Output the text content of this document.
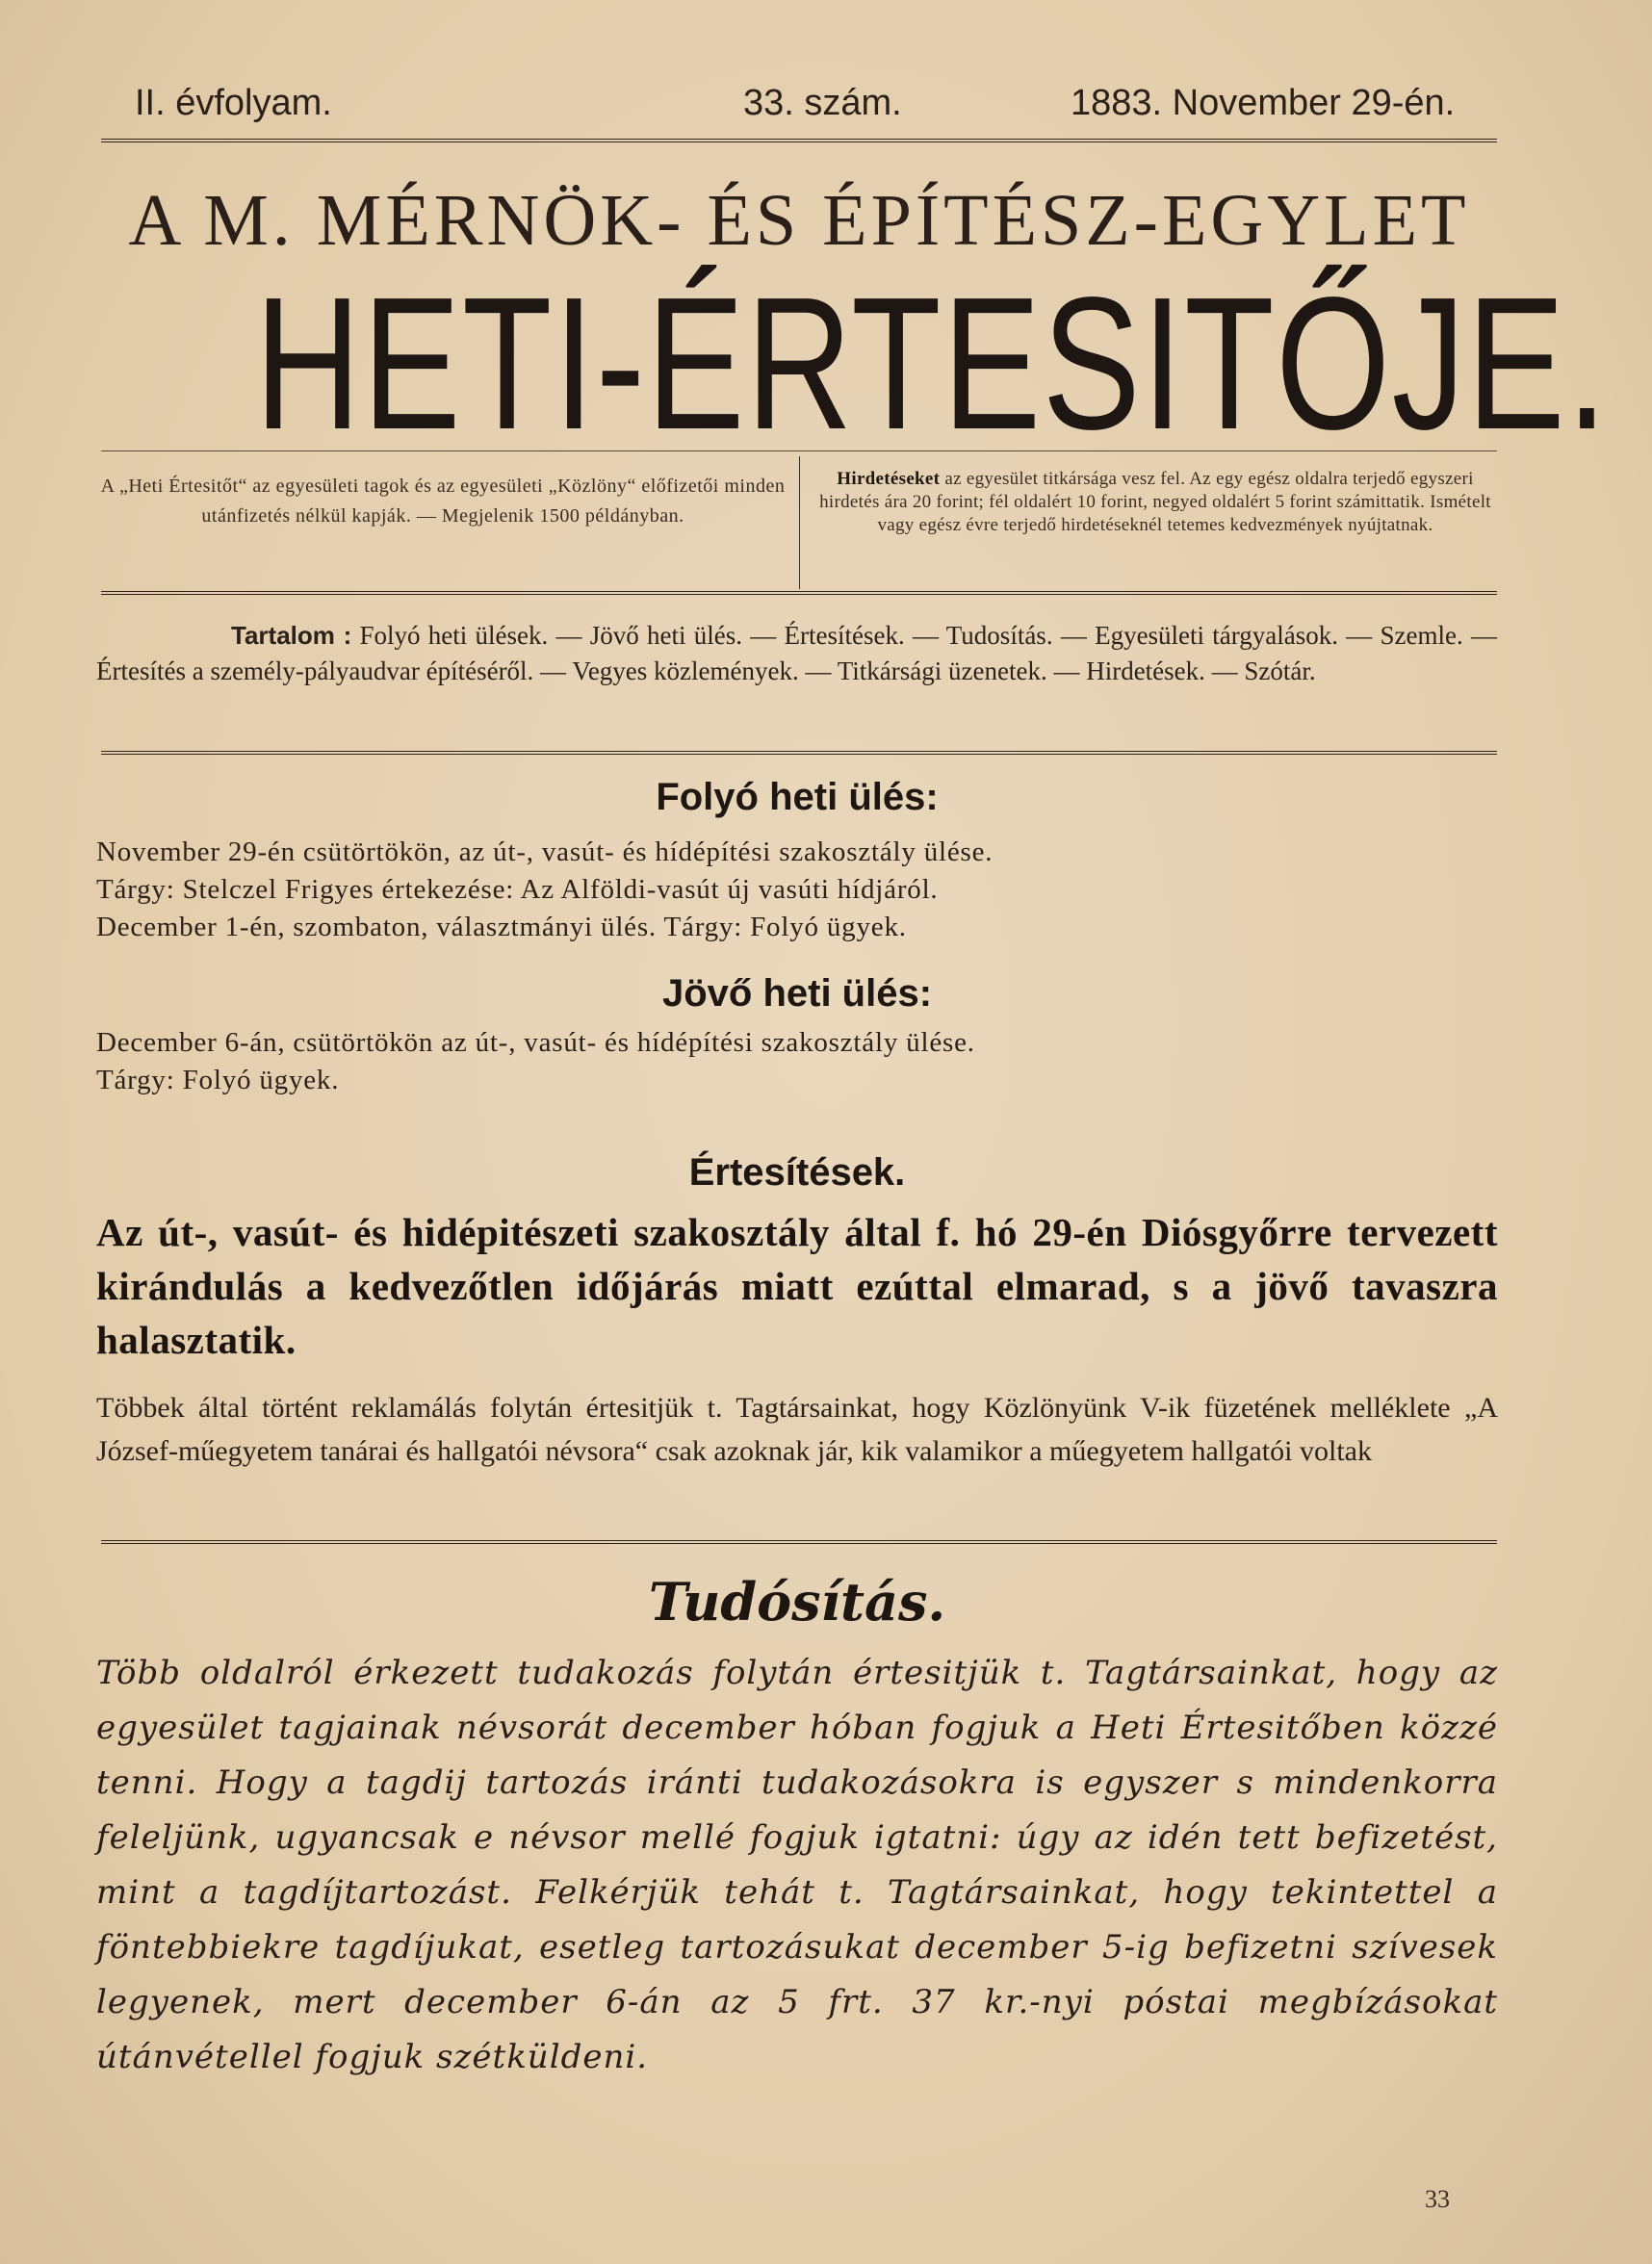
II. évfolyam.	33. szám.	1883. November 29-én.
A M. MÉRNÖK- ÉS ÉPÍTÉSZ-EGYLET
HETI-ÉRTESITŐJE.
A „Heti Értesitőt“ az egyesületi tagok és az egyesületi „Közlöny“ előfizetői minden utánfizetés nélkül kapják. — Megjelenik 1500 példányban.
Hirdetéseket az egyesület titkársága vesz fel. Az egy egész oldalra terjedő egyszeri hirdetés ára 20 forint; fél oldalért 10 forint, negyed oldalért 5 forint számittatik. Ismételt vagy egész évre terjedő hirdetéseknél tetemes kedvezmények nyújtatnak.
Tartalom : Folyó heti ülések. — Jövő heti ülés. — Értesítések. — Tudosítás. — Egyesületi tárgyalások. — Szemle. — Értesítés a személy-pályaudvar építéséről. — Vegyes közlemények. — Titkársági üzenetek. — Hirdetések. — Szótár.
Folyó heti ülés:

November 29-én csütörtökön, az út-, vasút- és hídépítési szakosztály ülése.

Tárgy: Stelczel Frigyes értekezése: Az Alföldi-vasút új vasúti hídjáról.

December 1-én, szombaton, választmányi ülés. Tárgy: Folyó ügyek.

Jövő heti ülés:

December 6-án, csütörtökön az út-, vasút- és hídépítési szakosztály ülése.

Tárgy: Folyó ügyek.

Értesítések.
Az út-, vasút- és hidépitészeti szakosztály által f. hó 29-én Diósgyőrre tervezett kirándulás a kedvezőtlen időjárás miatt ezúttal elmarad, s a jövő tavaszra halasztatik.
Többek által történt reklamálás folytán értesitjük t. Tagtársainkat, hogy Közlönyünk V-ik füzetének melléklete „A József-műegyetem tanárai és hallgatói névsora“ csak azoknak jár, kik valamikor a műegyetem hallgatói voltak
Tudósítás.
Több oldalról érkezett tudakozás folytán értesitjük t. Tagtársainkat, hogy az egyesület tagjainak névsorát december hóban fogjuk a Heti Értesitőben közzé tenni. Hogy a tagdij tartozás iránti tudakozásokra is egyszer s mindenkorra feleljünk, ugyancsak e névsor mellé fogjuk igtatni: úgy az idén tett befizetést, mint a tagdíjtartozást. Felkérjük tehát t. Tagtársainkat, hogy tekintettel a föntebbiekre tagdíjukat, esetleg tartozásukat december 5-ig befizetni szívesek legyenek, mert december 6-án az 5 frt. 37 kr.-nyi póstai megbízásokat útánvétellel fogjuk szétküldeni.
33
